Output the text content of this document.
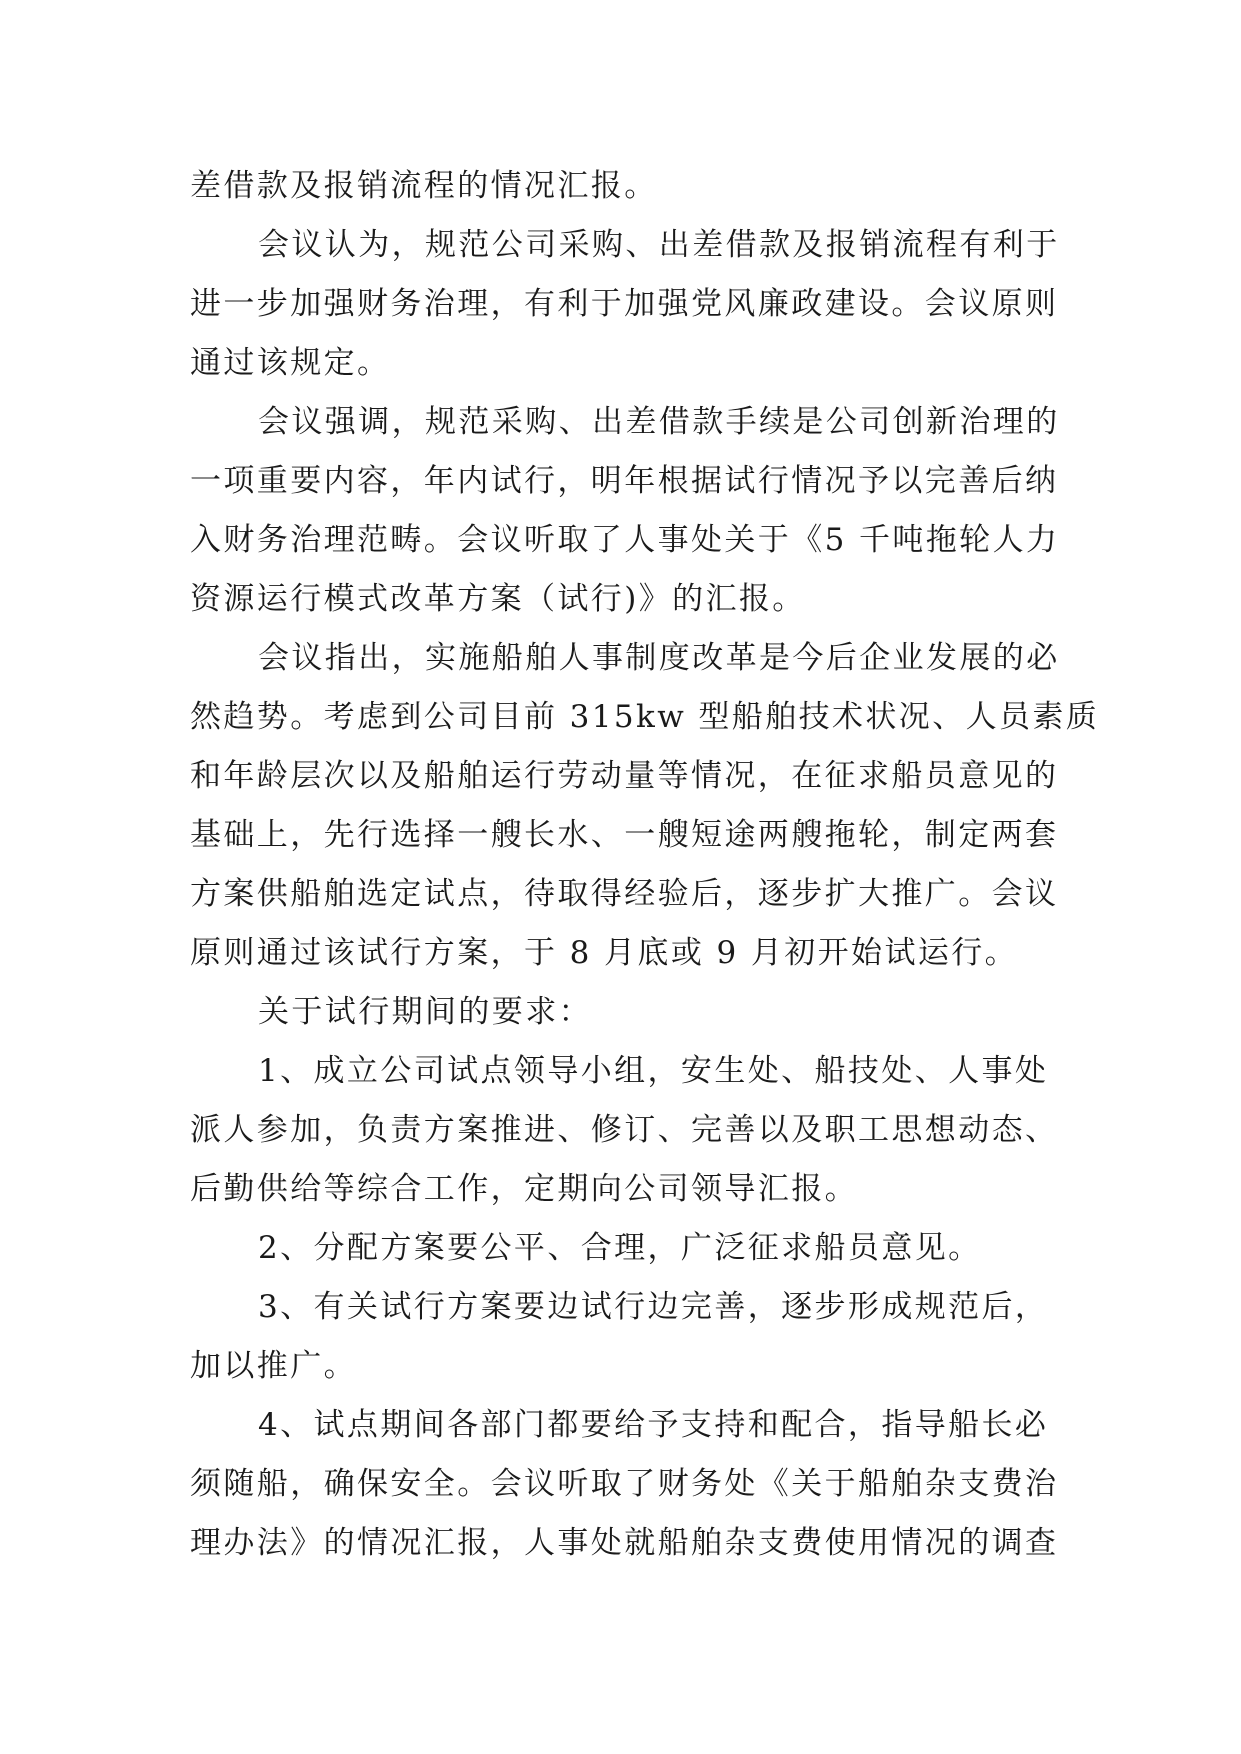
差借款及报销流程的情况汇报。
会议认为，规范公司采购、出差借款及报销流程有利于
进一步加强财务治理，有利于加强党风廉政建设。会议原则
通过该规定。
会议强调，规范采购、出差借款手续是公司创新治理的
一项重要内容，年内试行，明年根据试行情况予以完善后纳
入财务治理范畴。会议听取了人事处关于《5 千吨拖轮人力
资源运行模式改革方案（试行)》的汇报。
会议指出，实施船舶人事制度改革是今后企业发展的必
然趋势。考虑到公司目前 315kw 型船舶技术状况、人员素质
和年龄层次以及船舶运行劳动量等情况，在征求船员意见的
基础上，先行选择一艘长水、一艘短途两艘拖轮，制定两套
方案供船舶选定试点，待取得经验后，逐步扩大推广。会议
原则通过该试行方案，于 8 月底或 9 月初开始试运行。
关于试行期间的要求：
1、成立公司试点领导小组，安生处、船技处、人事处
派人参加，负责方案推进、修订、完善以及职工思想动态、
后勤供给等综合工作，定期向公司领导汇报。
2、分配方案要公平、合理，广泛征求船员意见。
3、有关试行方案要边试行边完善，逐步形成规范后，
加以推广。
4、试点期间各部门都要给予支持和配合，指导船长必
须随船，确保安全。会议听取了财务处《关于船舶杂支费治
理办法》的情况汇报，人事处就船舶杂支费使用情况的调查
